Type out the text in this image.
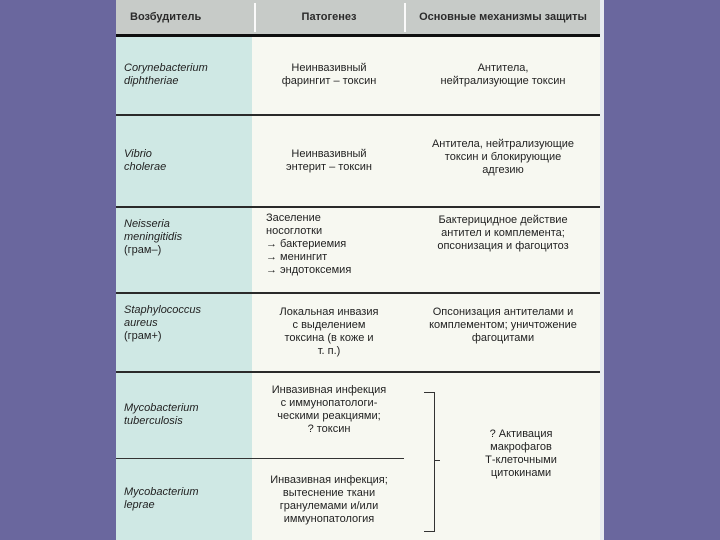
Возбудитель	Патогенез	Основные механизмы защиты
Corynebacterium
diphtheriae
Неинвазивный
фарингит – токсин
Антитела,
нейтрализующие токсин
Vibrio
cholerae
Неинвазивный
энтерит – токсин
Антитела, нейтрализующие
токсин и блокирующие
адгезию
Neisseria
meningitidis
(грам–)
Заселение
носоглотки
→ бактериемия
→ менингит
→ эндотоксемия
Бактерицидное действие
антител и комплемента;
опсонизация и фагоцитоз
Staphylococcus
aureus
(грам+)
Локальная инвазия
с выделением
токсина (в коже и
т. п.)
Опсонизация антителами и
комплементом; уничтожение
фагоцитами
Mycobacterium
tuberculosis
Инвазивная инфекция
с иммунопатологи-
ческими реакциями;
? токсин
Mycobacterium
leprae
Инвазивная инфекция;
вытеснение ткани
гранулемами и/или
иммунопатология
? Активация
макрофагов
Т-клеточными
цитокинами
